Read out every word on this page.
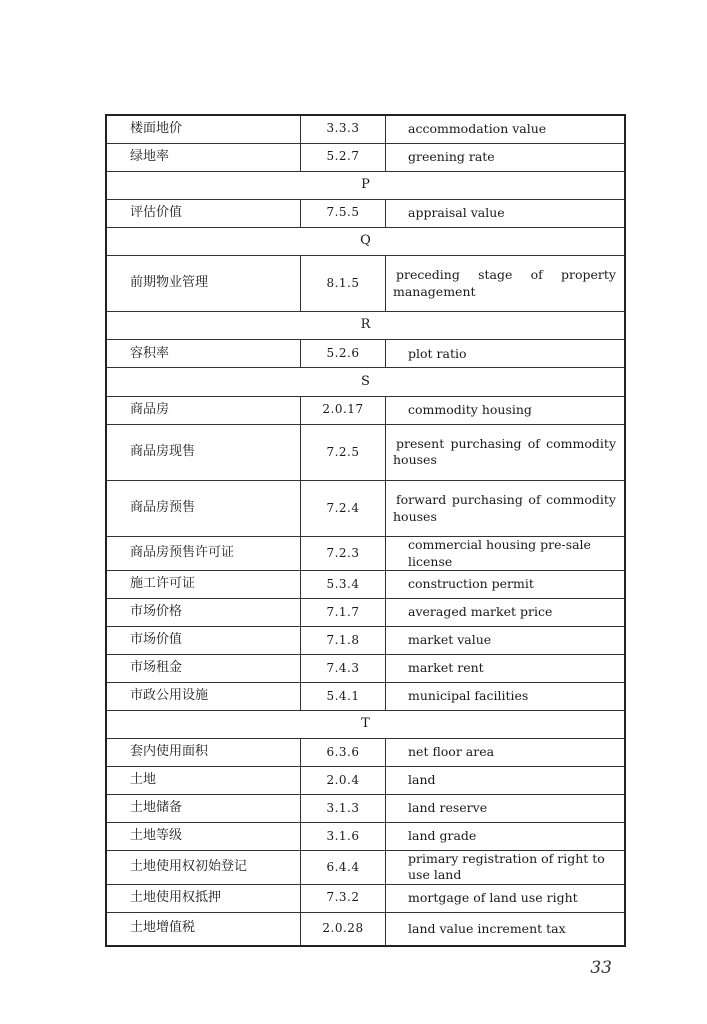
楼面地价	3.3.3	accommodation value
绿地率	5.2.7	greening rate
P		
评估价值	7.5.5	appraisal value
Q		
前期物业管理	8.1.5	preceding stage of property management
R		
容积率	5.2.6	plot ratio
S		
商品房	2.0.17	commodity housing
商品房现售	7.2.5	present purchasing of commodity houses
商品房预售	7.2.4	forward purchasing of commodity houses
商品房预售许可证	7.2.3	commercial housing pre-sale license
施工许可证	5.3.4	construction permit
市场价格	7.1.7	averaged market price
市场价值	7.1.8	market value
市场租金	7.4.3	market rent
市政公用设施	5.4.1	municipal facilities
T		
套内使用面积	6.3.6	net floor area
土地	2.0.4	land
土地储备	3.1.3	land reserve
土地等级	3.1.6	land grade
土地使用权初始登记	6.4.4	primary registration of right to use land
土地使用权抵押	7.3.2	mortgage of land use right
土地增值税	2.0.28	land value increment tax
33
